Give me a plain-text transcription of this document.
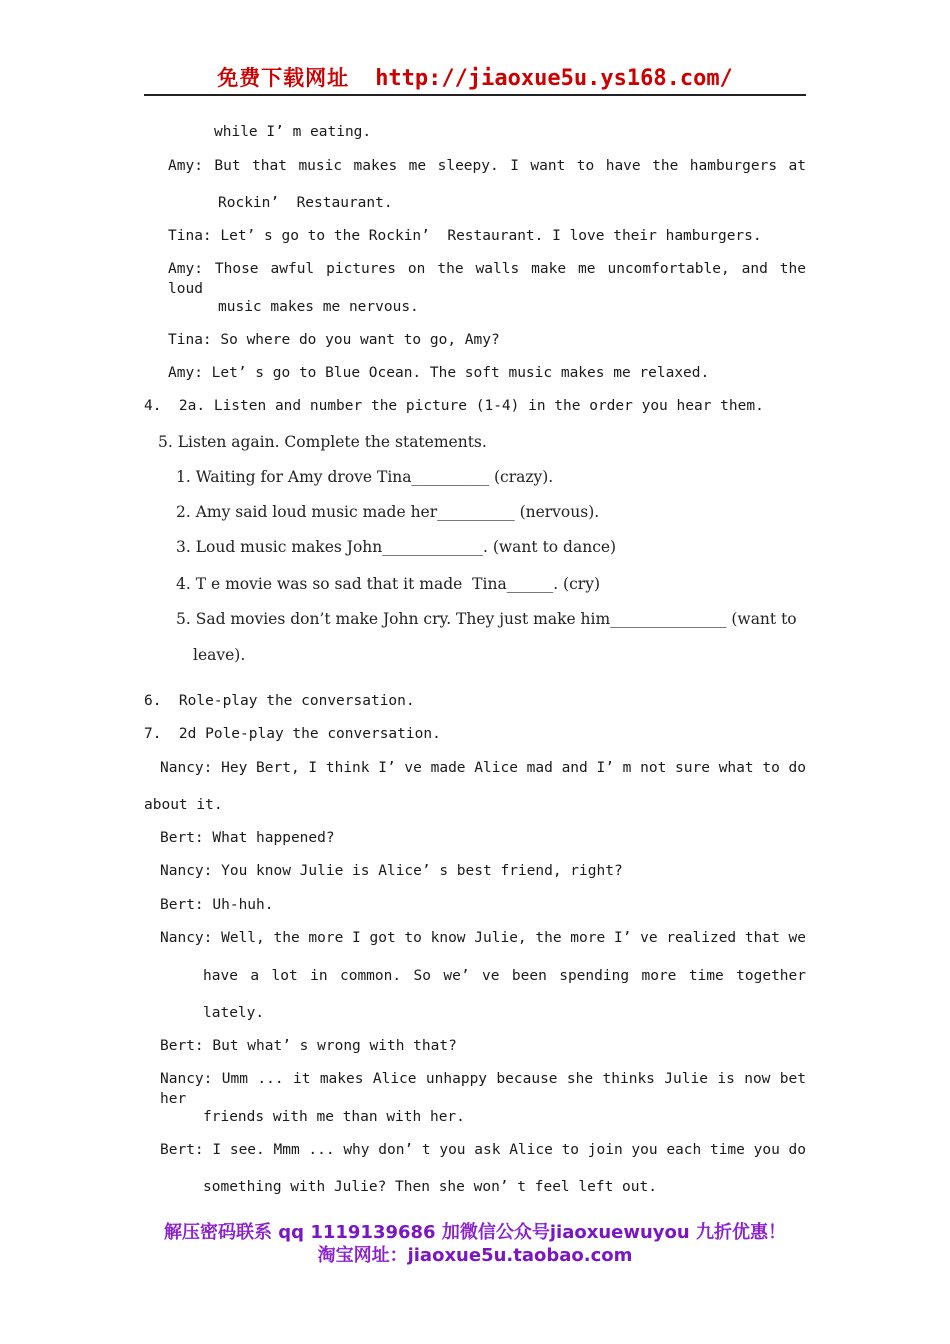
免费下载网址 http://jiaoxue5u.ys168.com/
while I’ m eating.
Amy: But that music makes me sleepy. I want to have the hamburgers at
Rockin’  Restaurant.
Tina: Let’ s go to the Rockin’  Restaurant. I love their hamburgers.
Amy: Those awful pictures on the walls make me uncomfortable, and the loud
music makes me nervous.
Tina: So where do you want to go, Amy?
Amy: Let’ s go to Blue Ocean. The soft music makes me relaxed.
4.  2a. Listen and number the picture (1-4) in the order you hear them.
5. Listen again. Complete the statements.
1. Waiting for Amy drove Tina__________ (crazy).
2. Amy said loud music made her__________ (nervous).
3. Loud music makes John_____________. (want to dance)
4. T e movie was so sad that it made  Tina______. (cry)
5. Sad movies don’t make John cry. They just make him_______________ (want to
leave).
6.  Role-play the conversation.
7.  2d Pole-play the conversation.
Nancy: Hey Bert, I think I’ ve made Alice mad and I’ m not sure what to do
about it.
Bert: What happened?
Nancy: You know Julie is Alice’ s best friend, right?
Bert: Uh-huh.
Nancy: Well, the more I got to know Julie, the more I’ ve realized that we
have a lot in common. So we’ ve been spending more time together
lately.
Bert: But what’ s wrong with that?
Nancy: Umm ... it makes Alice unhappy because she thinks Julie is now bet her
friends with me than with her.
Bert: I see. Mmm ... why don’ t you ask Alice to join you each time you do
something with Julie? Then she won’ t feel left out.
解压密码联系 qq 1119139686 加微信公众号jiaoxuewuyou 九折优惠！
淘宝网址：jiaoxue5u.taobao.com
